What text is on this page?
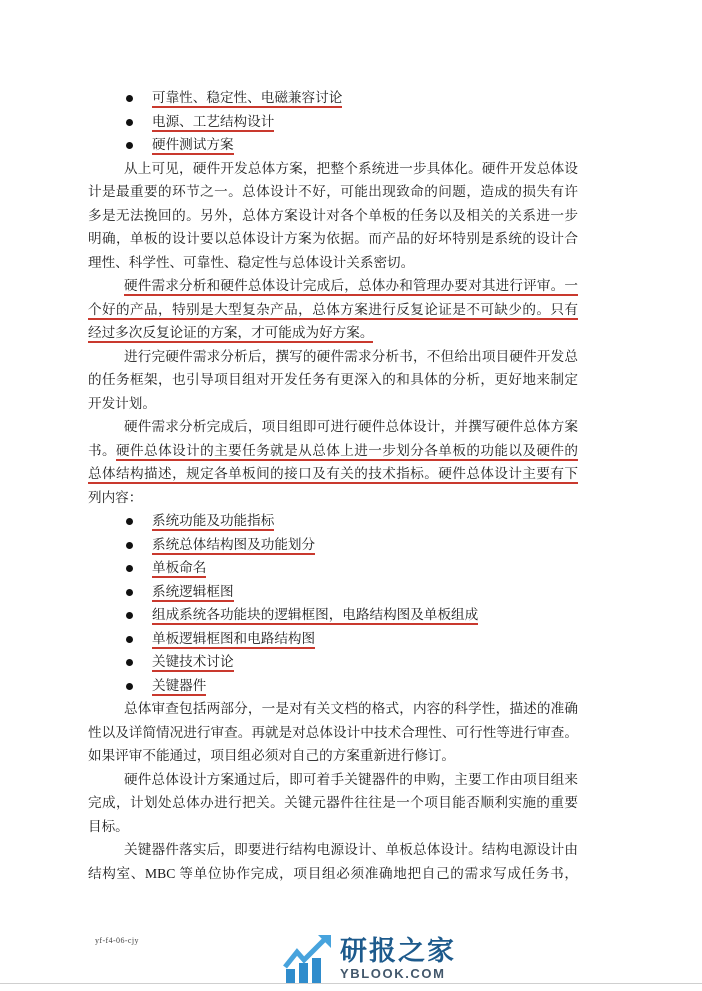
可靠性、稳定性、电磁兼容讨论
电源、工艺结构设计
硬件测试方案
从上可见，硬件开发总体方案，把整个系统进一步具体化。硬件开发总体设
计是最重要的环节之一。总体设计不好，可能出现致命的问题，造成的损失有许
多是无法挽回的。另外，总体方案设计对各个单板的任务以及相关的关系进一步
明确，单板的设计要以总体设计方案为依据。而产品的好坏特别是系统的设计合
理性、科学性、可靠性、稳定性与总体设计关系密切。
硬件需求分析和硬件总体设计完成后，总体办和管理办要对其进行评审。一
个好的产品，特别是大型复杂产品，总体方案进行反复论证是不可缺少的。只有
经过多次反复论证的方案，才可能成为好方案。
进行完硬件需求分析后，撰写的硬件需求分析书，不但给出项目硬件开发总
的任务框架，也引导项目组对开发任务有更深入的和具体的分析，更好地来制定
开发计划。
硬件需求分析完成后，项目组即可进行硬件总体设计，并撰写硬件总体方案
书。硬件总体设计的主要任务就是从总体上进一步划分各单板的功能以及硬件的
总体结构描述，规定各单板间的接口及有关的技术指标。硬件总体设计主要有下
列内容：
系统功能及功能指标
系统总体结构图及功能划分
单板命名
系统逻辑框图
组成系统各功能块的逻辑框图，电路结构图及单板组成
单板逻辑框图和电路结构图
关键技术讨论
关键器件
总体审查包括两部分，一是对有关文档的格式，内容的科学性，描述的准确
性以及详简情况进行审查。再就是对总体设计中技术合理性、可行性等进行审查。
如果评审不能通过，项目组必须对自己的方案重新进行修订。
硬件总体设计方案通过后，即可着手关键器件的申购，主要工作由项目组来
完成，计划处总体办进行把关。关键元器件往往是一个项目能否顺利实施的重要
目标。
关键器件落实后，即要进行结构电源设计、单板总体设计。结构电源设计由
结构室、MBC 等单位协作完成，项目组必须准确地把自己的需求写成任务书，
yf-f4-06-cjy	研报之家
YBLOOK.COM
